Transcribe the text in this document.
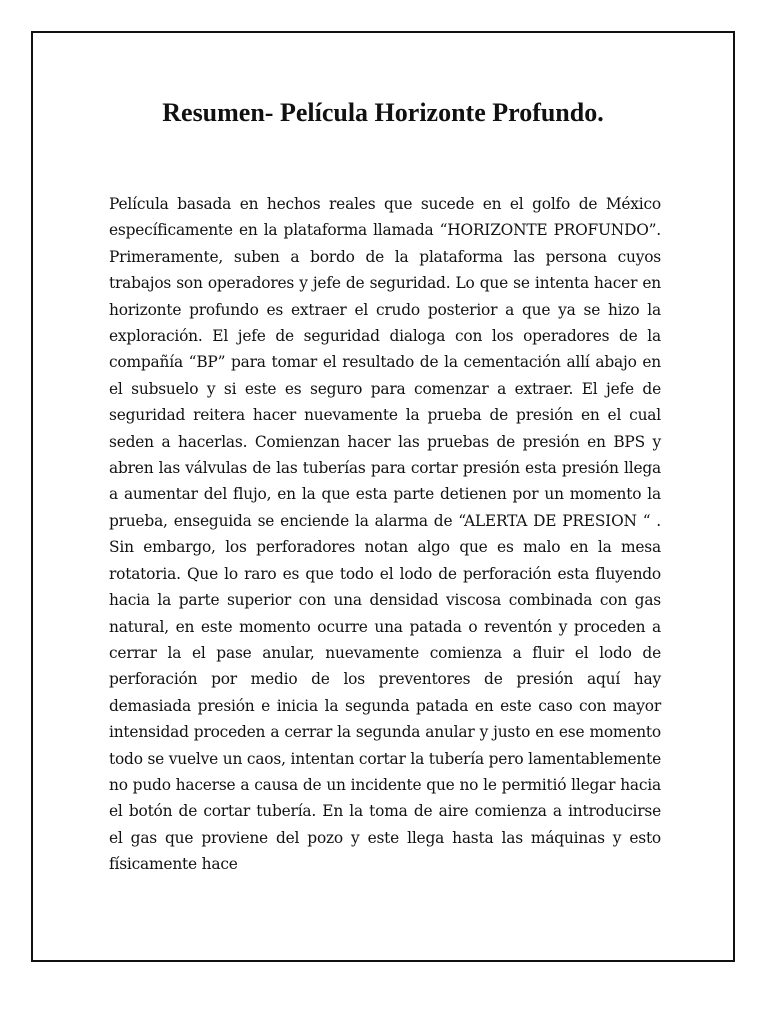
Resumen- Película Horizonte Profundo.

Película basada en hechos reales que sucede en el golfo de México específicamente en la plataforma llamada “HORIZONTE PROFUNDO”. Primeramente, suben a bordo de la plataforma las persona cuyos trabajos son operadores y jefe de seguridad. Lo que se intenta hacer en horizonte profundo es extraer el crudo posterior a que ya se hizo la exploración. El jefe de seguridad dialoga con los operadores de la compañía “BP” para tomar el resultado de la cementación allí abajo en el subsuelo y si este es seguro para comenzar a extraer. El jefe de seguridad reitera hacer nuevamente la prueba de presión en el cual seden a hacerlas. Comienzan hacer las pruebas de presión en BPS y abren las válvulas de las tuberías para cortar presión esta presión llega a aumentar del flujo, en la que esta parte detienen por un momento la prueba, enseguida se enciende la alarma de “ALERTA DE PRESION “ . Sin embargo, los perforadores notan algo que es malo en la mesa rotatoria. Que lo raro es que todo el lodo de perforación esta fluyendo hacia la parte superior con una densidad viscosa combinada con gas natural, en este momento ocurre una patada o reventón y proceden a cerrar la el pase anular, nuevamente comienza a fluir el lodo de perforación por medio de los preventores de presión aquí hay demasiada presión e inicia la segunda patada en este caso con mayor intensidad proceden a cerrar la segunda anular y justo en ese momento todo se vuelve un caos, intentan cortar la tubería pero lamentablemente no pudo hacerse a causa de un incidente que no le permitió llegar hacia el botón de cortar tubería. En la toma de aire comienza a introducirse el gas que proviene del pozo y este llega hasta las máquinas y esto físicamente hace
